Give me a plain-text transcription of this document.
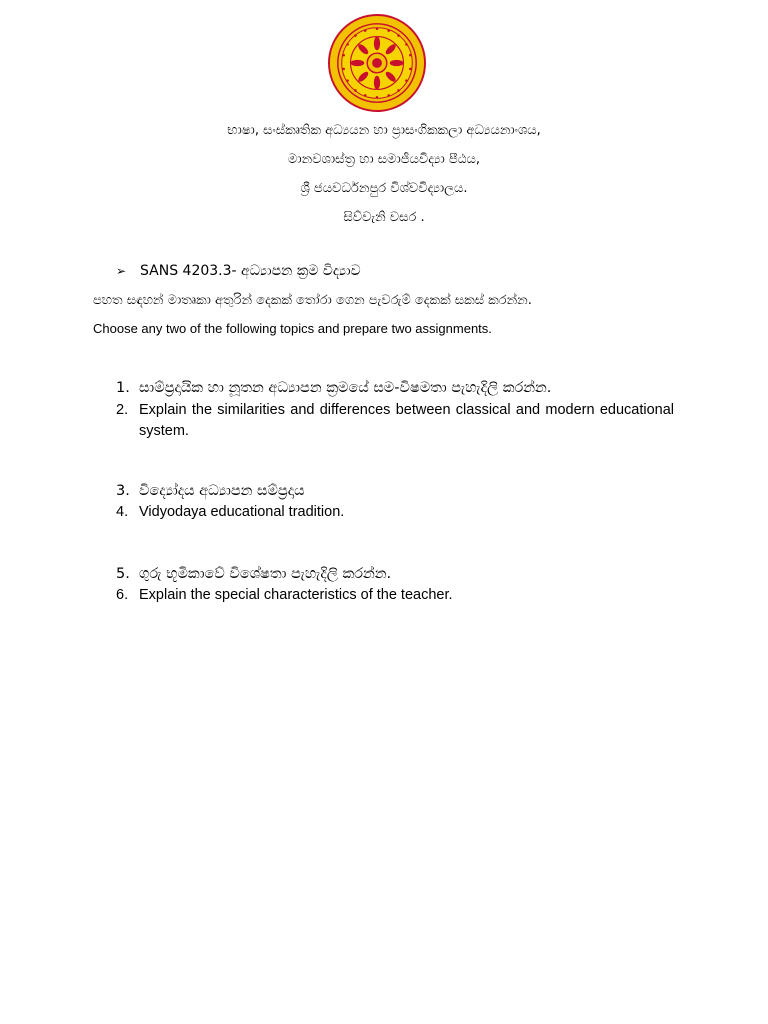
භාෂා, සංස්කෘතික අධ්‍යයන හා ප්‍රාසංගිකකලා අධ්‍යයනාංශය,
මානවශාස්ත්‍ර හා සමාජීයවිද්‍යා පීඨය,
ශ්‍රී ජයවර්ධනපුර විශ්වවිද්‍යාලය.
සිව්වැනි වසර .
➢ SANS 4203.3- අධ්‍යාපන ක්‍රම විද්‍යාව
පහත සඳහන් මාතෘකා අතුරින් දෙකක් තෝරා ගෙන පැවරුම් දෙකක් සකස් කරන්න.
Choose any two of the following topics and prepare two assignments.
1. සාම්ප්‍රදායික හා නූතන අධ්‍යාපන ක්‍රමයේ සම-විෂමතා පැහැදිලි කරන්න.
2. Explain the similarities and differences between classical and modern educational system.
3. විද්‍යෝදය අධ්‍යාපන සම්ප්‍රදාය
4. Vidyodaya educational tradition.
5. ගුරු භූමිකාවේ විශේෂතා පැහැදිලි කරන්න.
6. Explain the special characteristics of the teacher.
